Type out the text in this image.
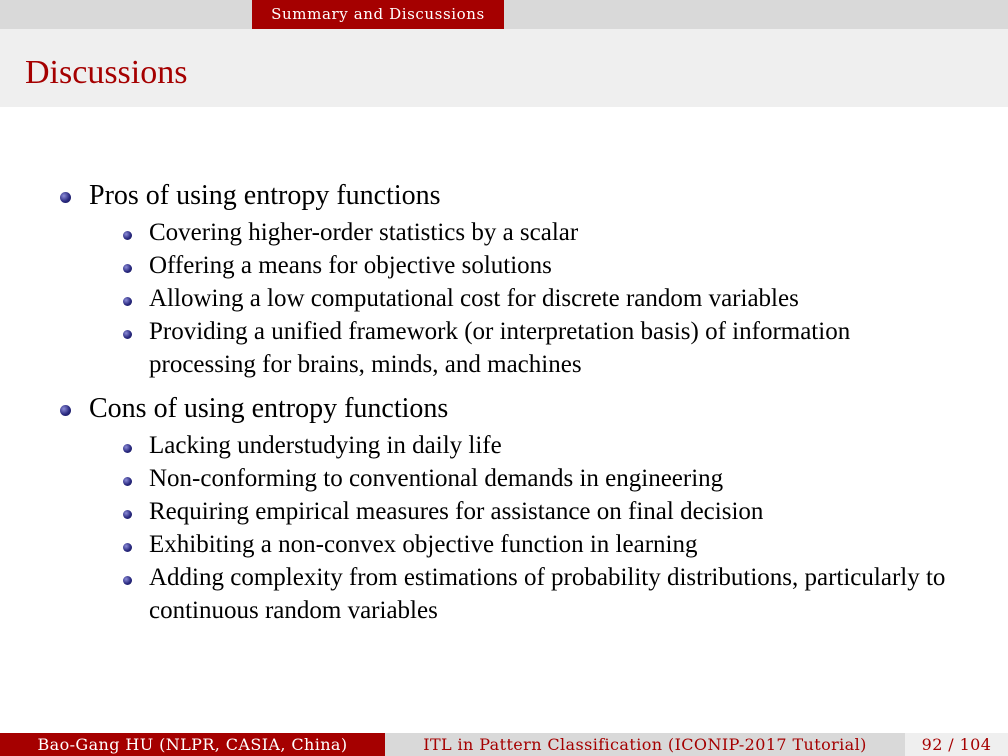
Summary and Discussions
Discussions
Pros of using entropy functions
Covering higher-order statistics by a scalar
Offering a means for objective solutions
Allowing a low computational cost for discrete random variables
Providing a unified framework (or interpretation basis) of information processing for brains, minds, and machines
Cons of using entropy functions
Lacking understudying in daily life
Non-conforming to conventional demands in engineering
Requiring empirical measures for assistance on final decision
Exhibiting a non-convex objective function in learning
Adding complexity from estimations of probability distributions, particularly to continuous random variables
Bao-Gang HU (NLPR, CASIA, China)	ITL in Pattern Classification (ICONIP-2017 Tutorial)	92 / 104
